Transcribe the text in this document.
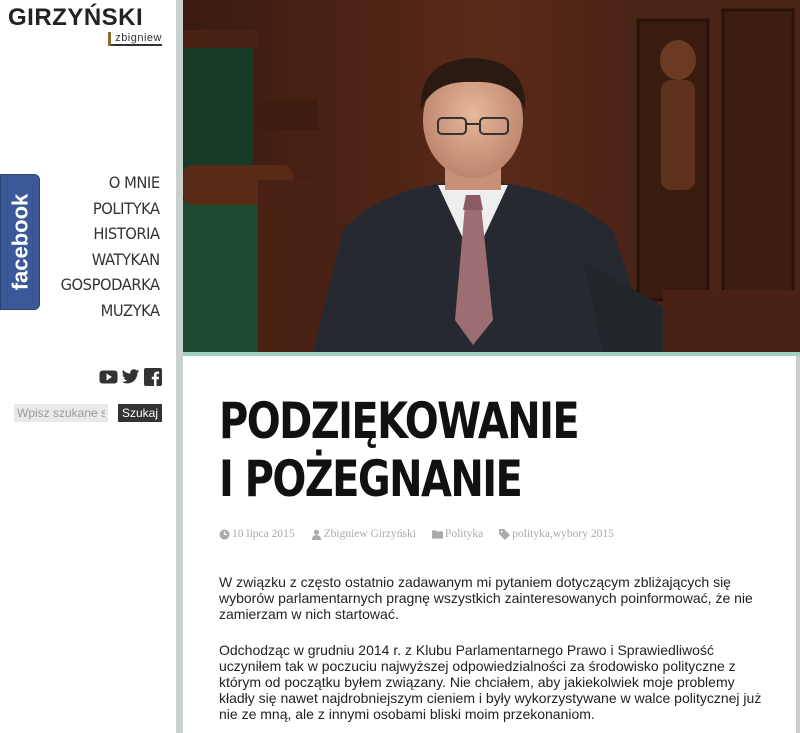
GIRZYŃSKI
zbigniew
O MNIE
POLITYKA
HISTORIA
WATYKAN
GOSPODARKA
MUZYKA
Wpisz szukane s
Szukaj
facebook
PODZIĘKOWANIE
I POŻEGNANIE
10 lipca 2015	Zbigniew Girzyński	Polityka	polityka,wybory 2015

W związku z często ostatnio zadawanym mi pytaniem dotyczącym zbliżających się wyborów parlamentarnych pragnę wszystkich zainteresowanych poinformować, że nie zamierzam w nich startować.

Odchodząc w grudniu 2014 r. z Klubu Parlamentarnego Prawo i Sprawiedliwość uczyniłem tak w poczuciu najwyższej odpowiedzialności za środowisko polityczne z którym od początku byłem związany. Nie chciałem, aby jakiekolwiek moje problemy kładły się nawet najdrobniejszym cieniem i były wykorzystywane w walce politycznej już nie ze mną, ale z innymi osobami bliski moim przekonaniom.
